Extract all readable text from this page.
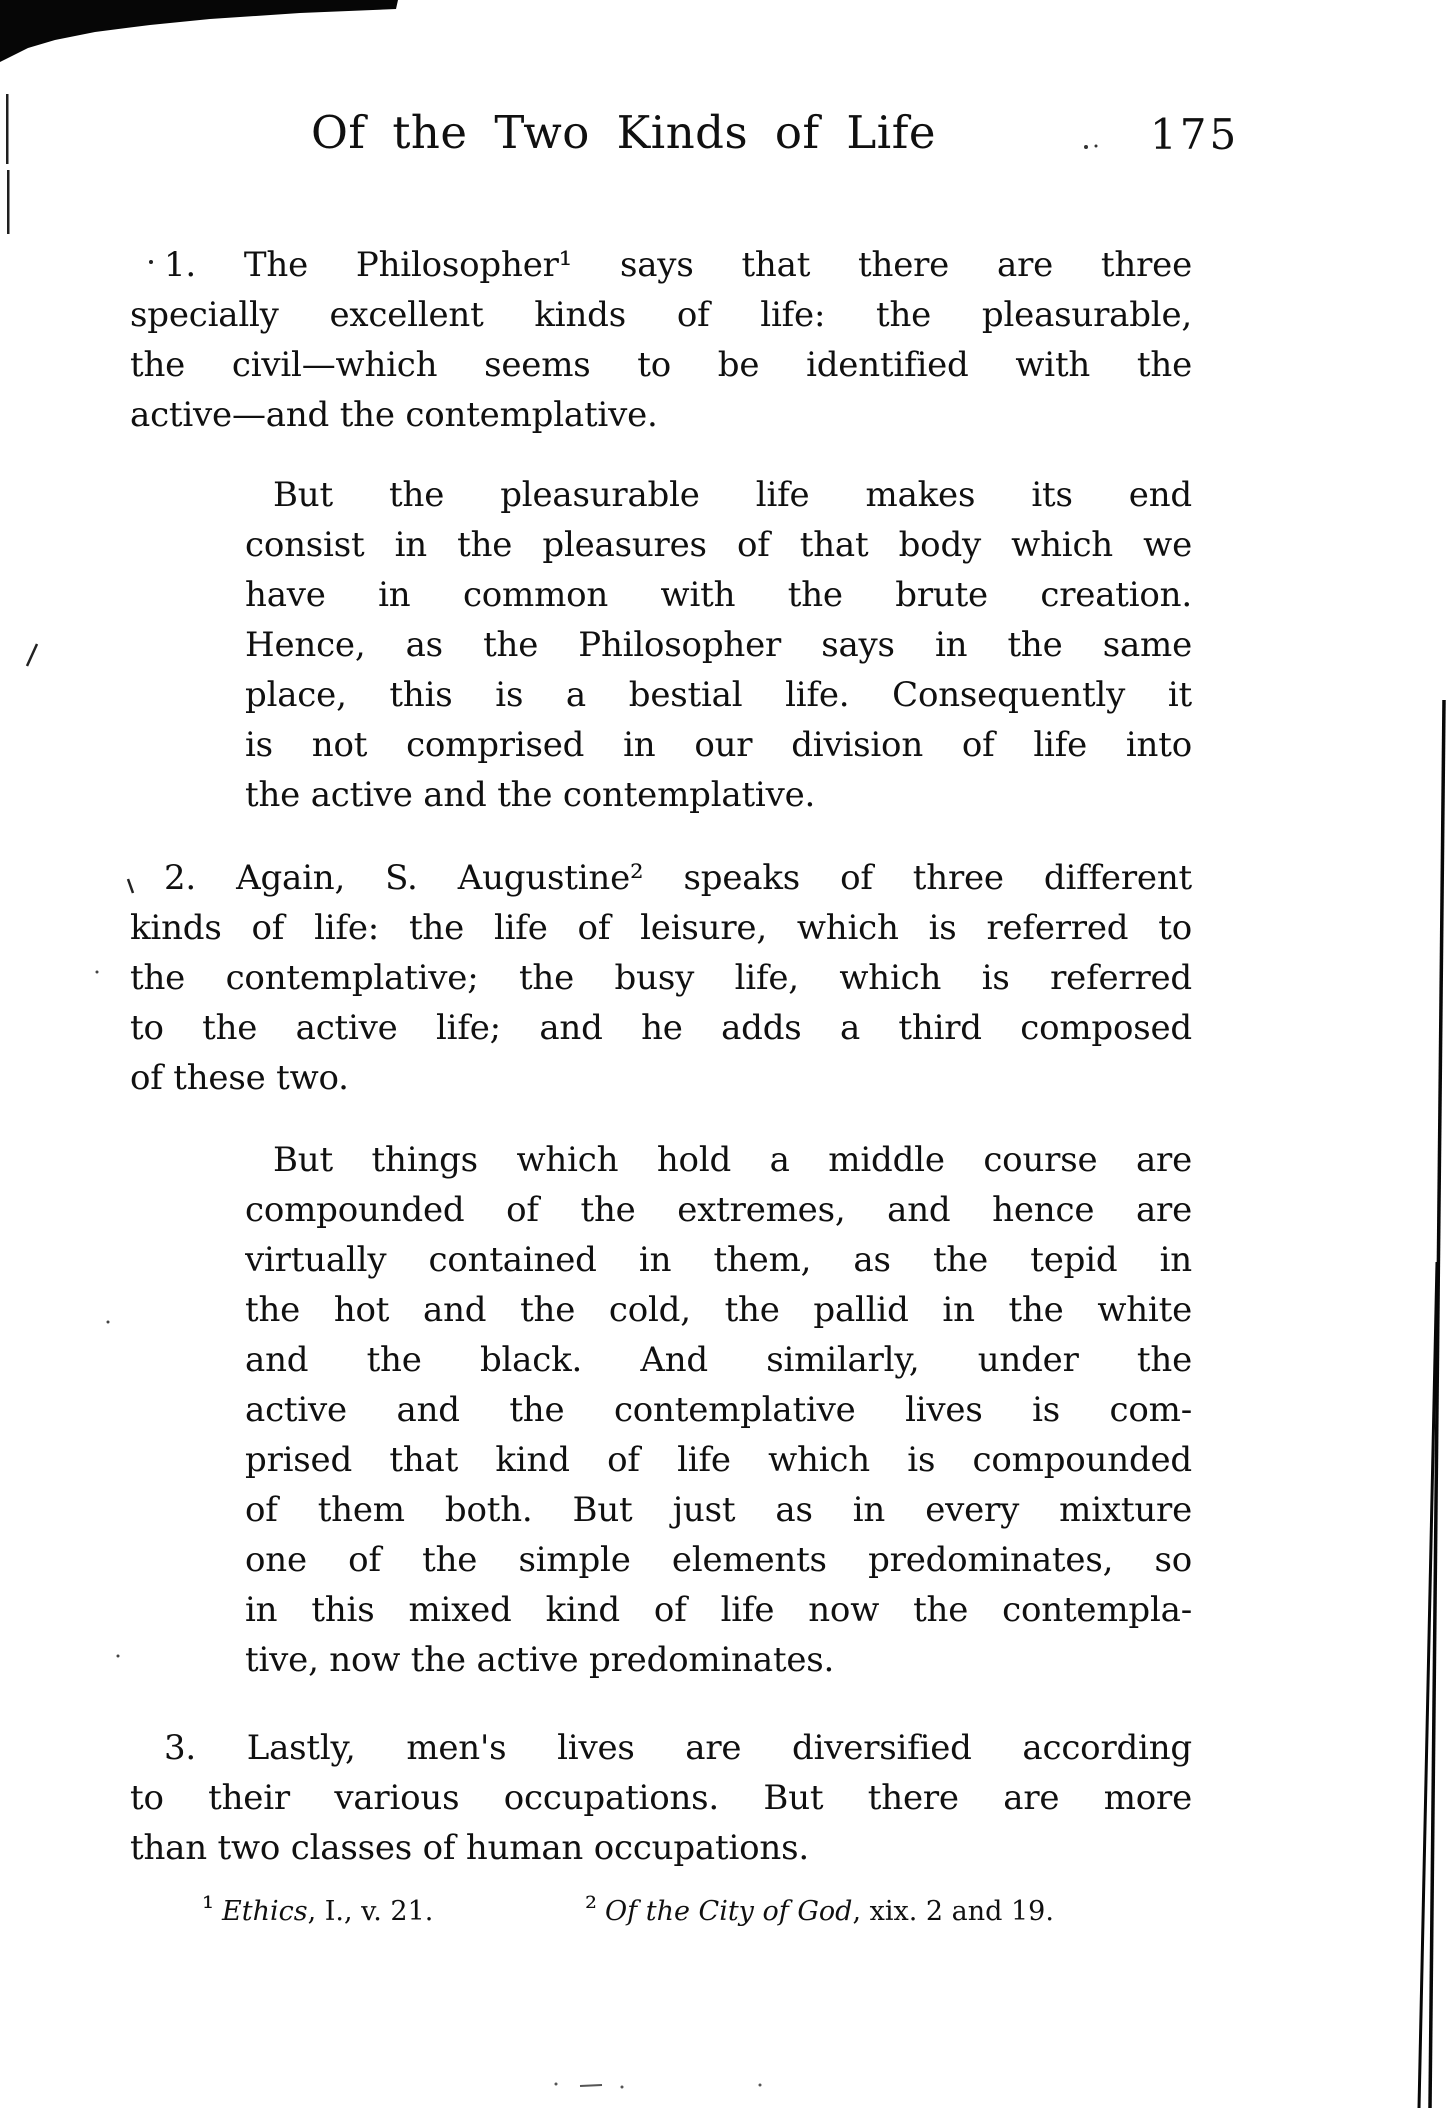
Of the Two Kinds of Life	175
1. The Philosopher¹ says that there are three
specially excellent kinds of life: the pleasurable,
the civil—which seems to be identified with the
active—and the contemplative.
But the pleasurable life makes its end
consist in the pleasures of that body which we
have in common with the brute creation.
Hence, as the Philosopher says in the same
place, this is a bestial life. Consequently it
is not comprised in our division of life into
the active and the contemplative.
2. Again, S. Augustine² speaks of three different
kinds of life: the life of leisure, which is referred to
the contemplative; the busy life, which is referred
to the active life; and he adds a third composed
of these two.
But things which hold a middle course are
compounded of the extremes, and hence are
virtually contained in them, as the tepid in
the hot and the cold, the pallid in the white
and the black. And similarly, under the
active and the contemplative lives is com-
prised that kind of life which is compounded
of them both. But just as in every mixture
one of the simple elements predominates, so
in this mixed kind of life now the contempla-
tive, now the active predominates.
3. Lastly, men's lives are diversified according
to their various occupations. But there are more
than two classes of human occupations.
¹ Ethics, I., v. 21.	² Of the City of God, xix. 2 and 19.
